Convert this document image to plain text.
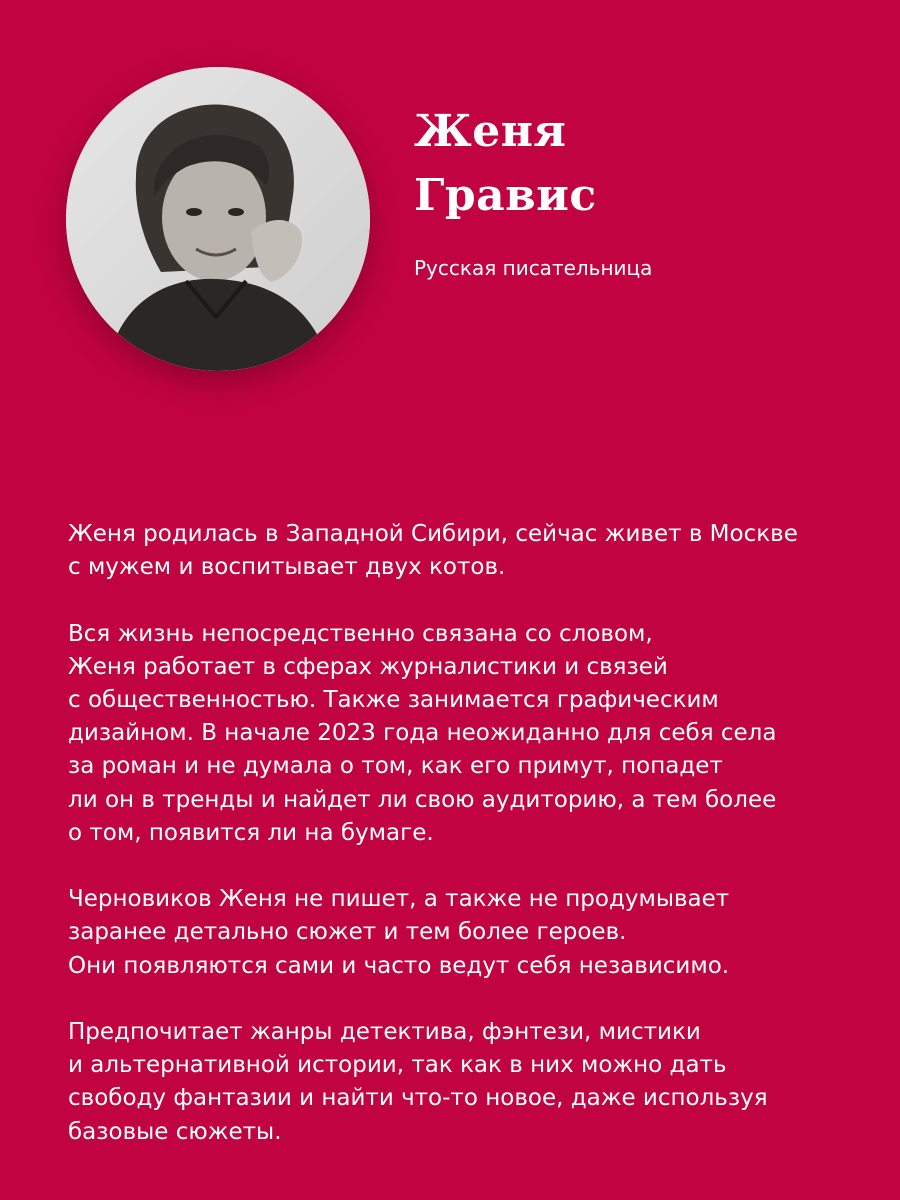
Женя
Гравис

Русская писательница

Женя родилась в Западной Сибири, сейчас живет в Москве
с мужем и воспитывает двух котов.

Вся жизнь непосредственно связана со словом,
Женя работает в сферах журналистики и связей
с общественностью. Также занимается графическим
дизайном. В начале 2023 года неожиданно для себя села
за роман и не думала о том, как его примут, попадет
ли он в тренды и найдет ли свою аудиторию, а тем более
о том, появится ли на бумаге.

Черновиков Женя не пишет, а также не продумывает
заранее детально сюжет и тем более героев.
Они появляются сами и часто ведут себя независимо.

Предпочитает жанры детектива, фэнтези, мистики
и альтернативной истории, так как в них можно дать
свободу фантазии и найти что-то новое, даже используя
базовые сюжеты.
